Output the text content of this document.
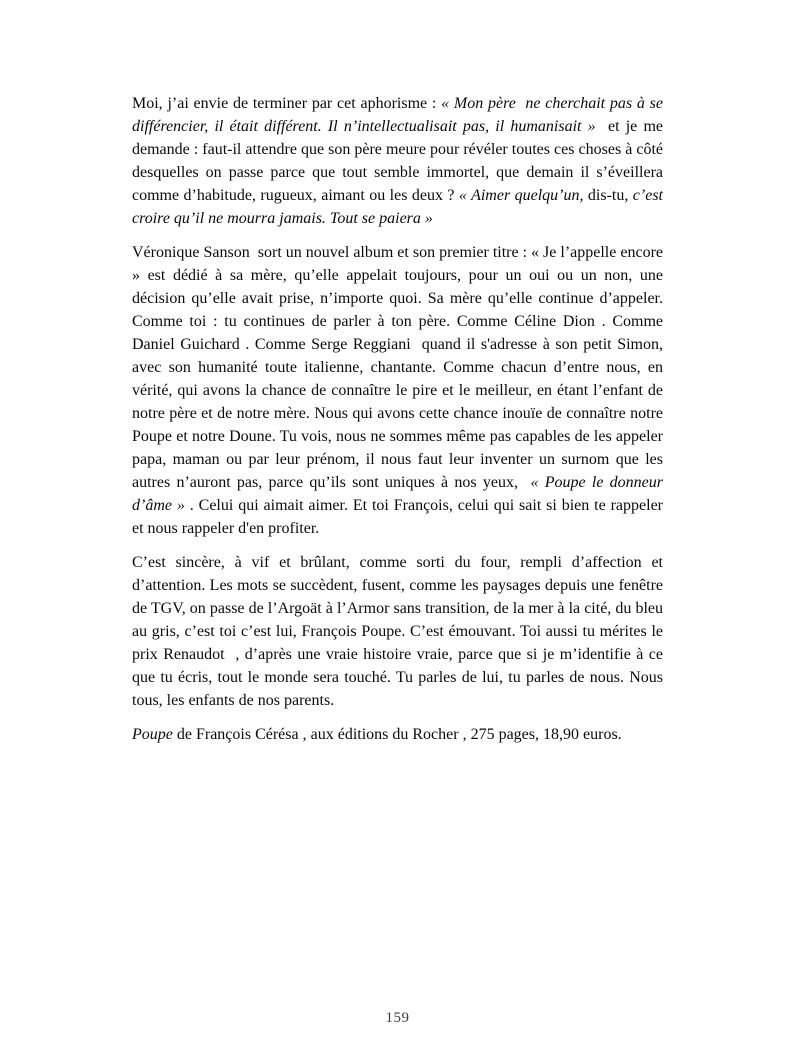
Moi, j’ai envie de terminer par cet aphorisme : « Mon père  ne cherchait pas à se différencier, il était différent. Il n’intellectualisait pas, il humanisait »  et je me demande : faut-il attendre que son père meure pour révéler toutes ces choses à côté desquelles on passe parce que tout semble immortel, que demain il s’éveillera comme d’habitude, rugueux, aimant ou les deux ? « Aimer quelqu’un, dis-tu, c’est croire qu’il ne mourra jamais. Tout se paiera »

Véronique Sanson  sort un nouvel album et son premier titre : « Je l’appelle encore » est dédié à sa mère, qu’elle appelait toujours, pour un oui ou un non, une décision qu’elle avait prise, n’importe quoi. Sa mère qu’elle continue d’appeler. Comme toi : tu continues de parler à ton père. Comme Céline Dion . Comme Daniel Guichard . Comme Serge Reggiani  quand il s'adresse à son petit Simon, avec son humanité toute italienne, chantante. Comme chacun d’entre nous, en vérité, qui avons la chance de connaître le pire et le meilleur, en étant l’enfant de notre père et de notre mère. Nous qui avons cette chance inouïe de connaître notre Poupe et notre Doune. Tu vois, nous ne sommes même pas capables de les appeler papa, maman ou par leur prénom, il nous faut leur inventer un surnom que les autres n’auront pas, parce qu’ils sont uniques à nos yeux,  « Poupe le donneur d’âme » . Celui qui aimait aimer. Et toi François, celui qui sait si bien te rappeler et nous rappeler d'en profiter.

C’est sincère, à vif et brûlant, comme sorti du four, rempli d’affection et d’attention. Les mots se succèdent, fusent, comme les paysages depuis une fenêtre de TGV, on passe de l’Argoät à l’Armor sans transition, de la mer à la cité, du bleu au gris, c’est toi c’est lui, François Poupe. C’est émouvant. Toi aussi tu mérites le prix Renaudot  , d’après une vraie histoire vraie, parce que si je m’identifie à ce que tu écris, tout le monde sera touché. Tu parles de lui, tu parles de nous. Nous tous, les enfants de nos parents.

Poupe de François Cérésa , aux éditions du Rocher , 275 pages, 18,90 euros.

159
